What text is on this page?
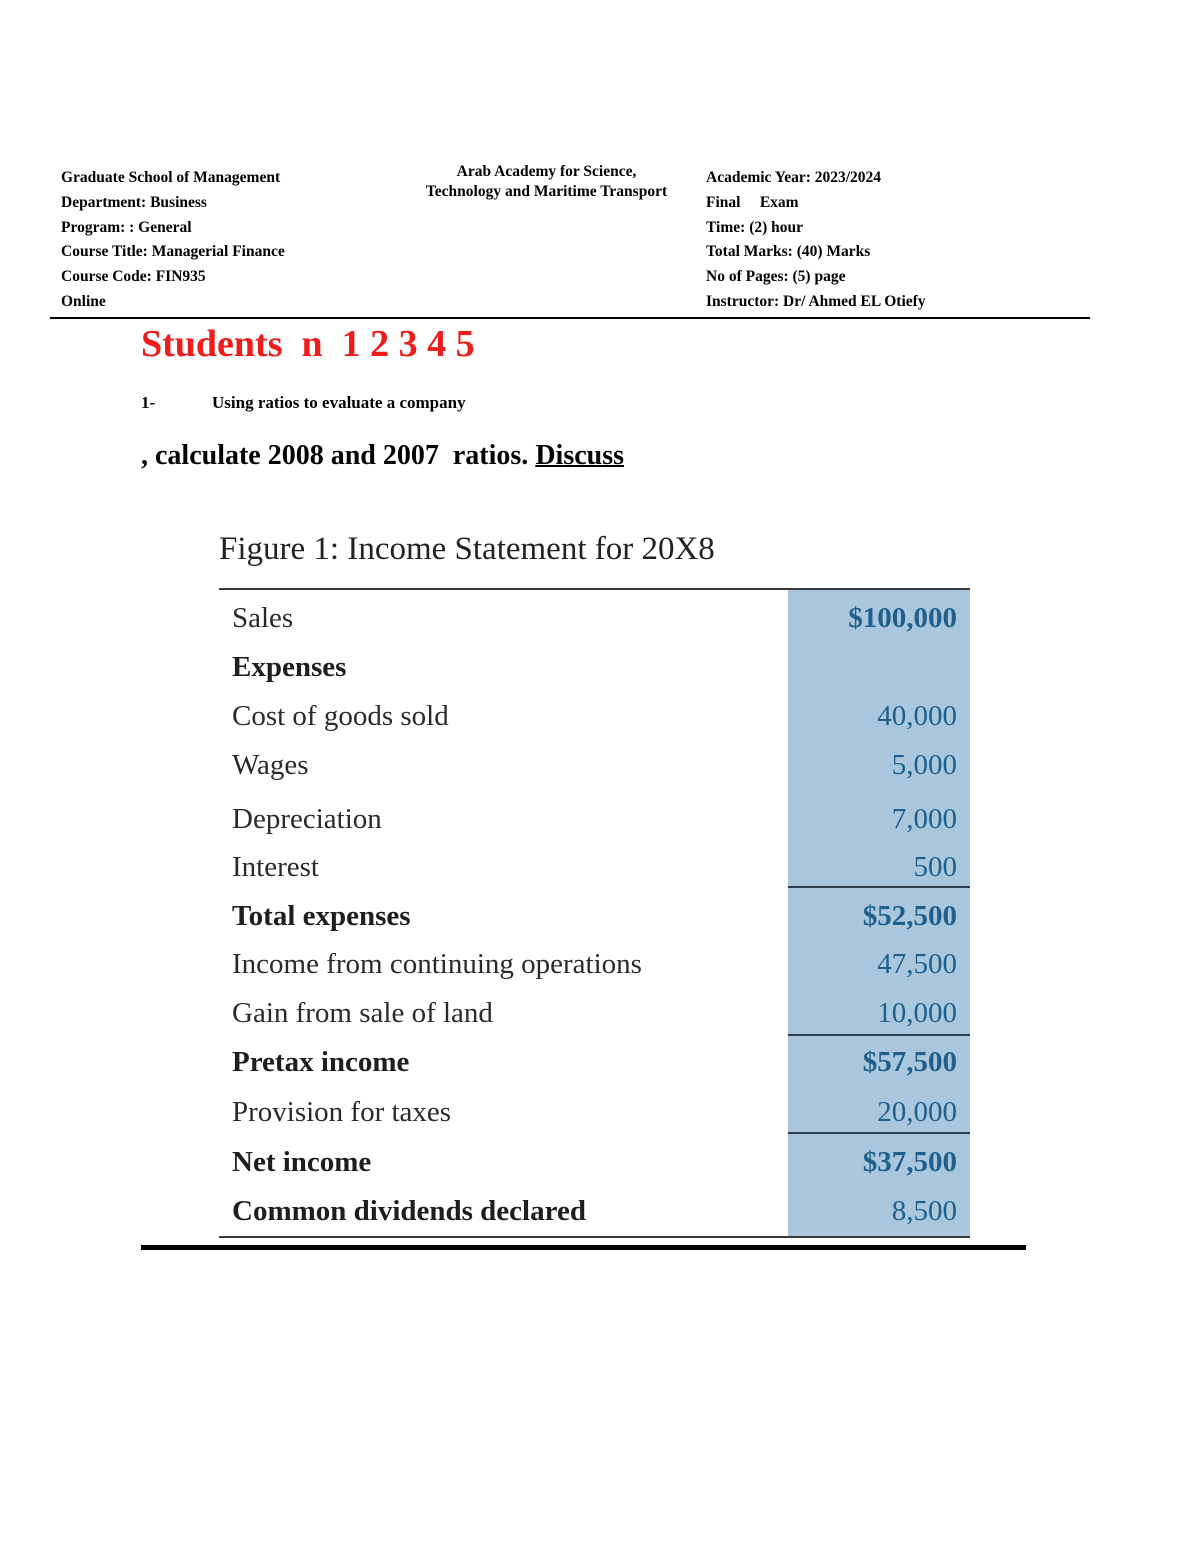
Graduate School of Management
Department: Business
Program: : General
Course Title: Managerial Finance
Course Code: FIN935
Online
Arab Academy for Science,
Technology and Maritime Transport
Academic Year: 2023/2024
Final     Exam
Time: (2) hour
Total Marks: (40) Marks
No of Pages: (5) page
Instructor: Dr/ Ahmed EL Otiefy
Students  n  1 2 3 4 5
1-	Using ratios to evaluate a company
, calculate 2008 and 2007  ratios. Discuss
Figure 1: Income Statement for 20X8
Sales	$100,000
Expenses
Cost of goods sold	40,000
Wages	5,000
Depreciation	7,000
Interest	500
Total expenses	$52,500
Income from continuing operations	47,500
Gain from sale of land	10,000
Pretax income	$57,500
Provision for taxes	20,000
Net income	$37,500
Common dividends declared	8,500
